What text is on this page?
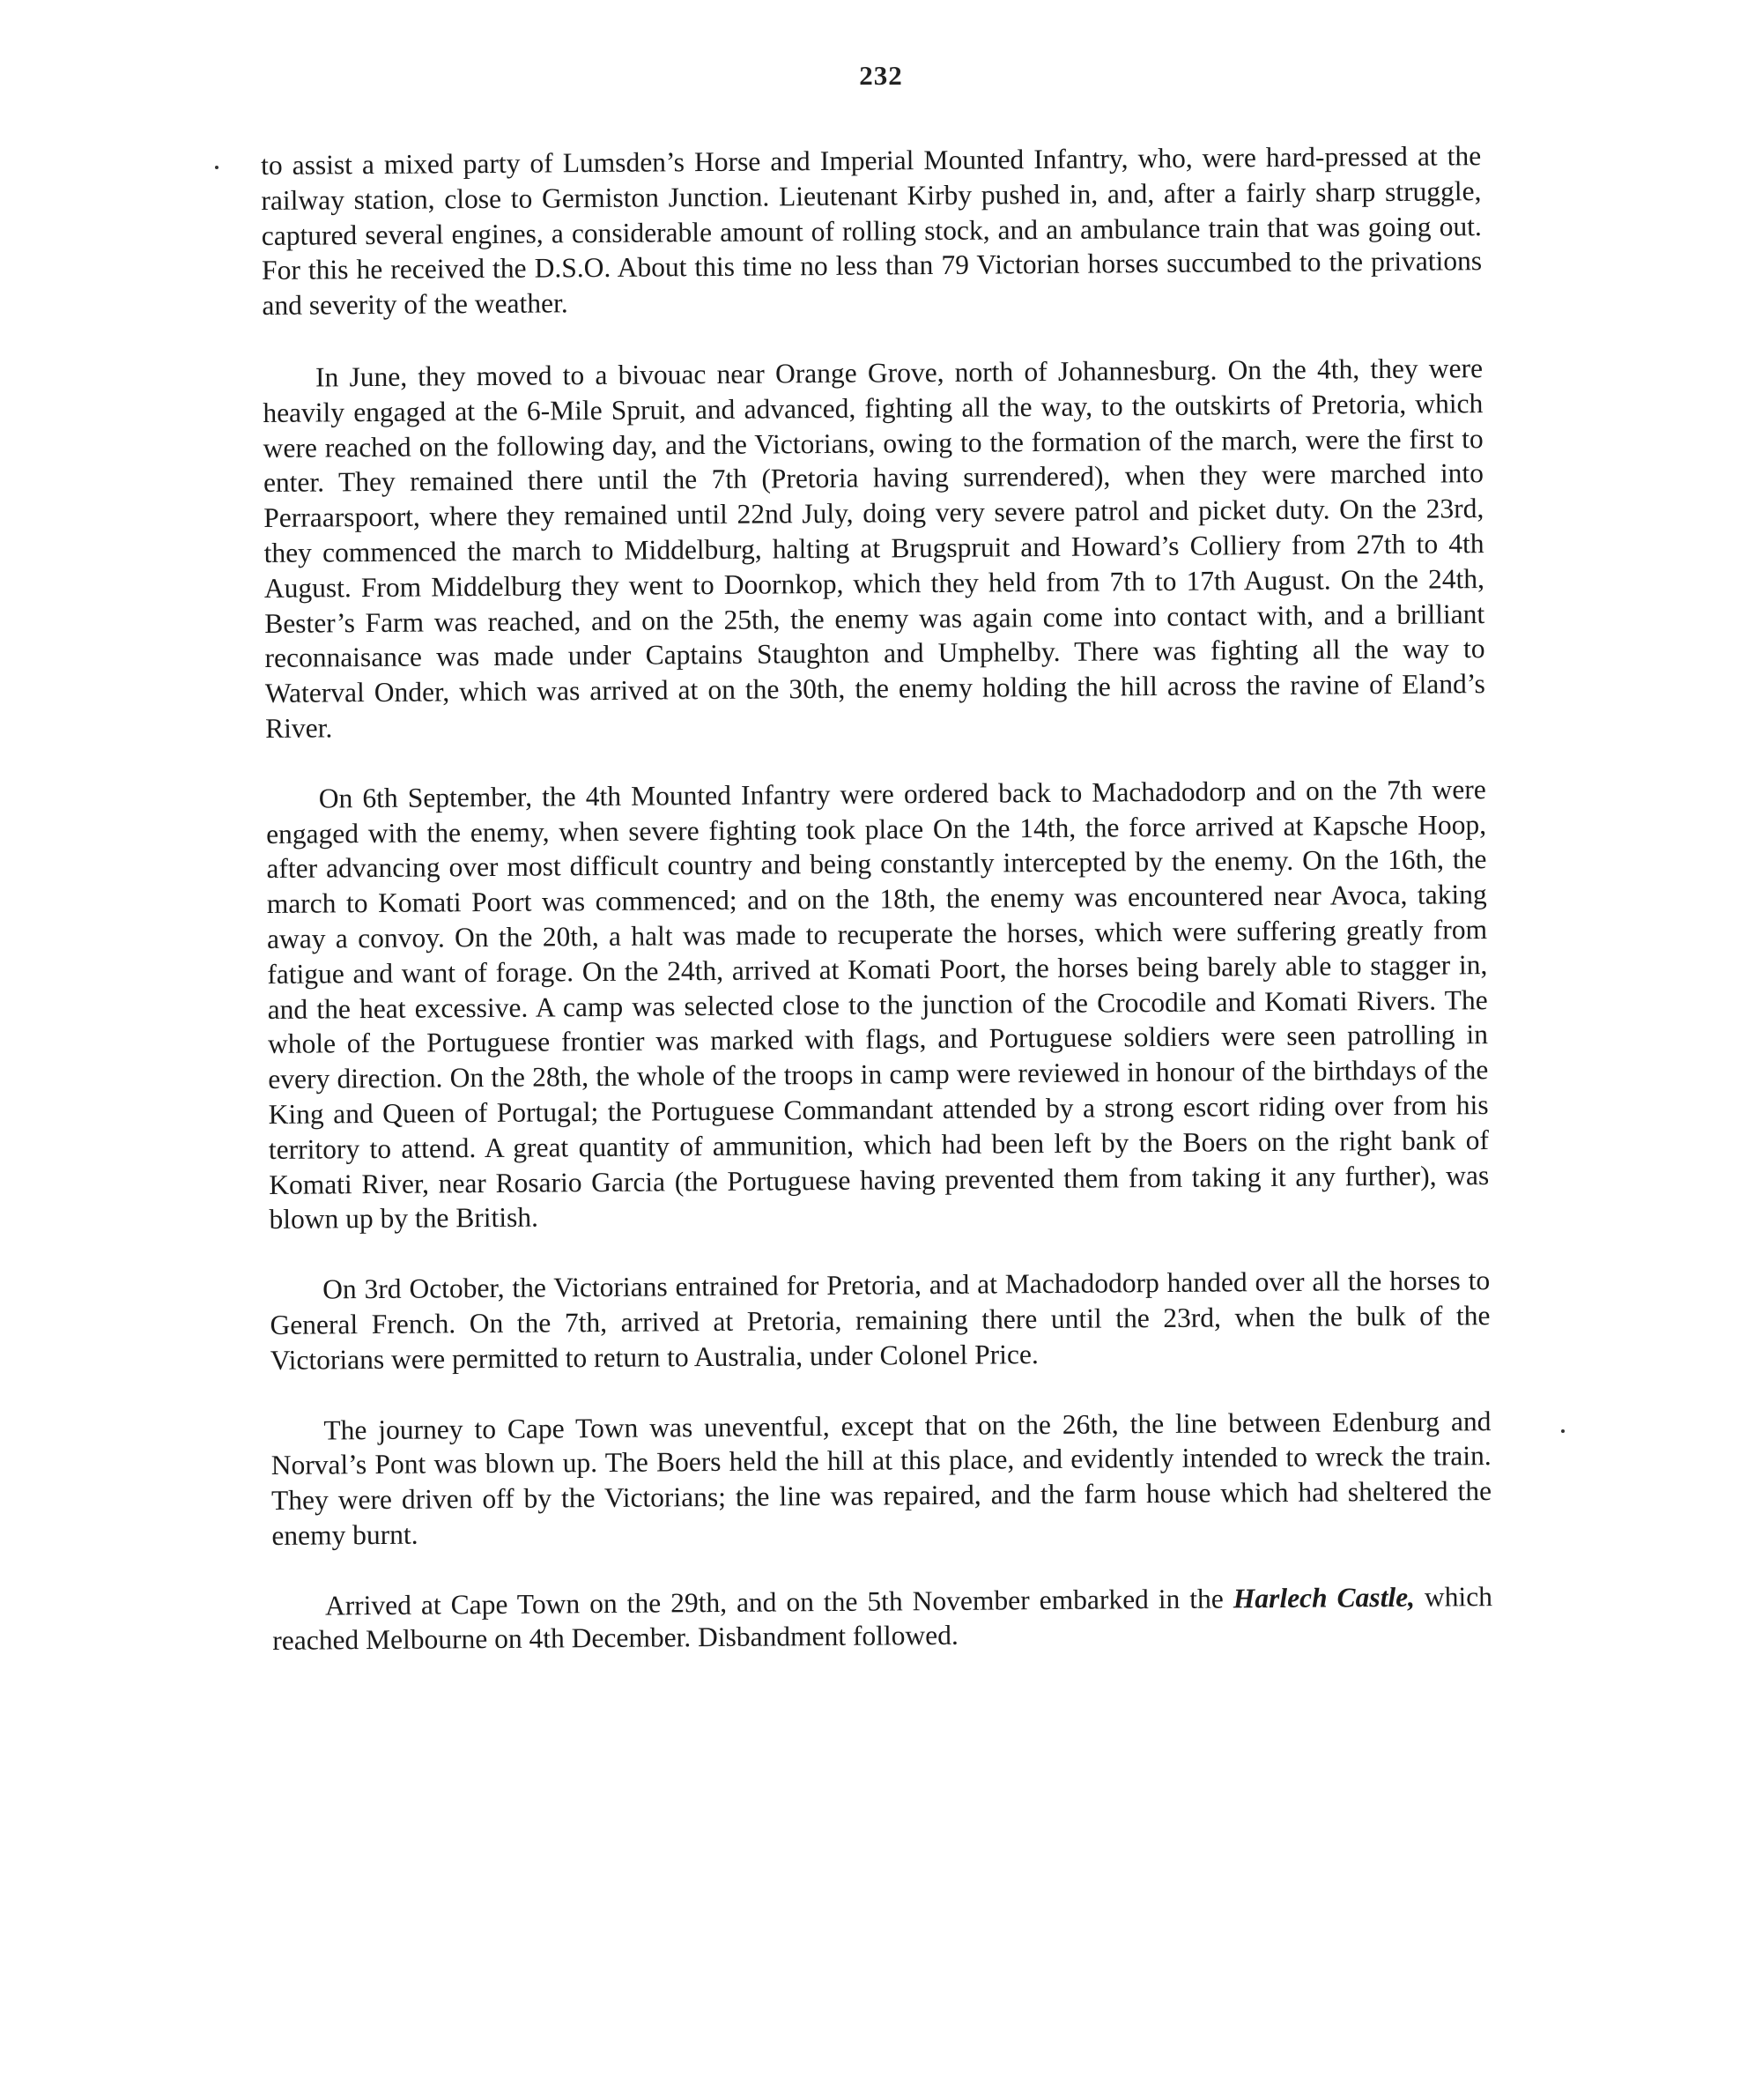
232

to assist a mixed party of Lumsden’s Horse and Imperial Mounted Infantry, who, were hard-pressed at the railway station, close to Germiston Junction. Lieutenant Kirby pushed in, and, after a fairly sharp struggle, captured several engines, a considerable amount of rolling stock, and an ambulance train that was going out. For this he received the D.S.O. About this time no less than 79 Victorian horses succumbed to the privations and severity of the weather.

In June, they moved to a bivouac near Orange Grove, north of Johannesburg. On the 4th, they were heavily engaged at the 6-Mile Spruit, and advanced, fighting all the way, to the outskirts of Pretoria, which were reached on the following day, and the Victorians, owing to the formation of the march, were the first to enter. They remained there until the 7th (Pretoria having surrendered), when they were marched into Perraarspoort, where they remained until 22nd July, doing very severe patrol and picket duty. On the 23rd, they commenced the march to Middelburg, halting at Brugspruit and Howard’s Colliery from 27th to 4th August. From Middelburg they went to Doornkop, which they held from 7th to 17th August. On the 24th, Bester’s Farm was reached, and on the 25th, the enemy was again come into contact with, and a brilliant reconnaisance was made under Captains Staughton and Umphelby. There was fighting all the way to Waterval Onder, which was arrived at on the 30th, the enemy holding the hill across the ravine of Eland’s River.

On 6th September, the 4th Mounted Infantry were ordered back to Machadodorp and on the 7th were engaged with the enemy, when severe fighting took place On the 14th, the force arrived at Kapsche Hoop, after advancing over most difficult country and being constantly intercepted by the enemy. On the 16th, the march to Komati Poort was commenced; and on the 18th, the enemy was encountered near Avoca, taking away a convoy. On the 20th, a halt was made to recuperate the horses, which were suffering greatly from fatigue and want of forage. On the 24th, arrived at Komati Poort, the horses being barely able to stagger in, and the heat excessive. A camp was selected close to the junction of the Crocodile and Komati Rivers. The whole of the Portuguese frontier was marked with flags, and Portuguese soldiers were seen patrolling in every direction. On the 28th, the whole of the troops in camp were reviewed in honour of the birthdays of the King and Queen of Portugal; the Portuguese Commandant attended by a strong escort riding over from his territory to attend. A great quantity of ammunition, which had been left by the Boers on the right bank of Komati River, near Rosario Garcia (the Portuguese having prevented them from taking it any further), was blown up by the British.

On 3rd October, the Victorians entrained for Pretoria, and at Machadodorp handed over all the horses to General French. On the 7th, arrived at Pretoria, remaining there until the 23rd, when the bulk of the Victorians were permitted to return to Australia, under Colonel Price.

The journey to Cape Town was uneventful, except that on the 26th, the line between Edenburg and Norval’s Pont was blown up. The Boers held the hill at this place, and evidently intended to wreck the train. They were driven off by the Victorians; the line was repaired, and the farm house which had sheltered the enemy burnt.

Arrived at Cape Town on the 29th, and on the 5th November embarked in the Harlech Castle, which reached Melbourne on 4th December. Disbandment followed.
